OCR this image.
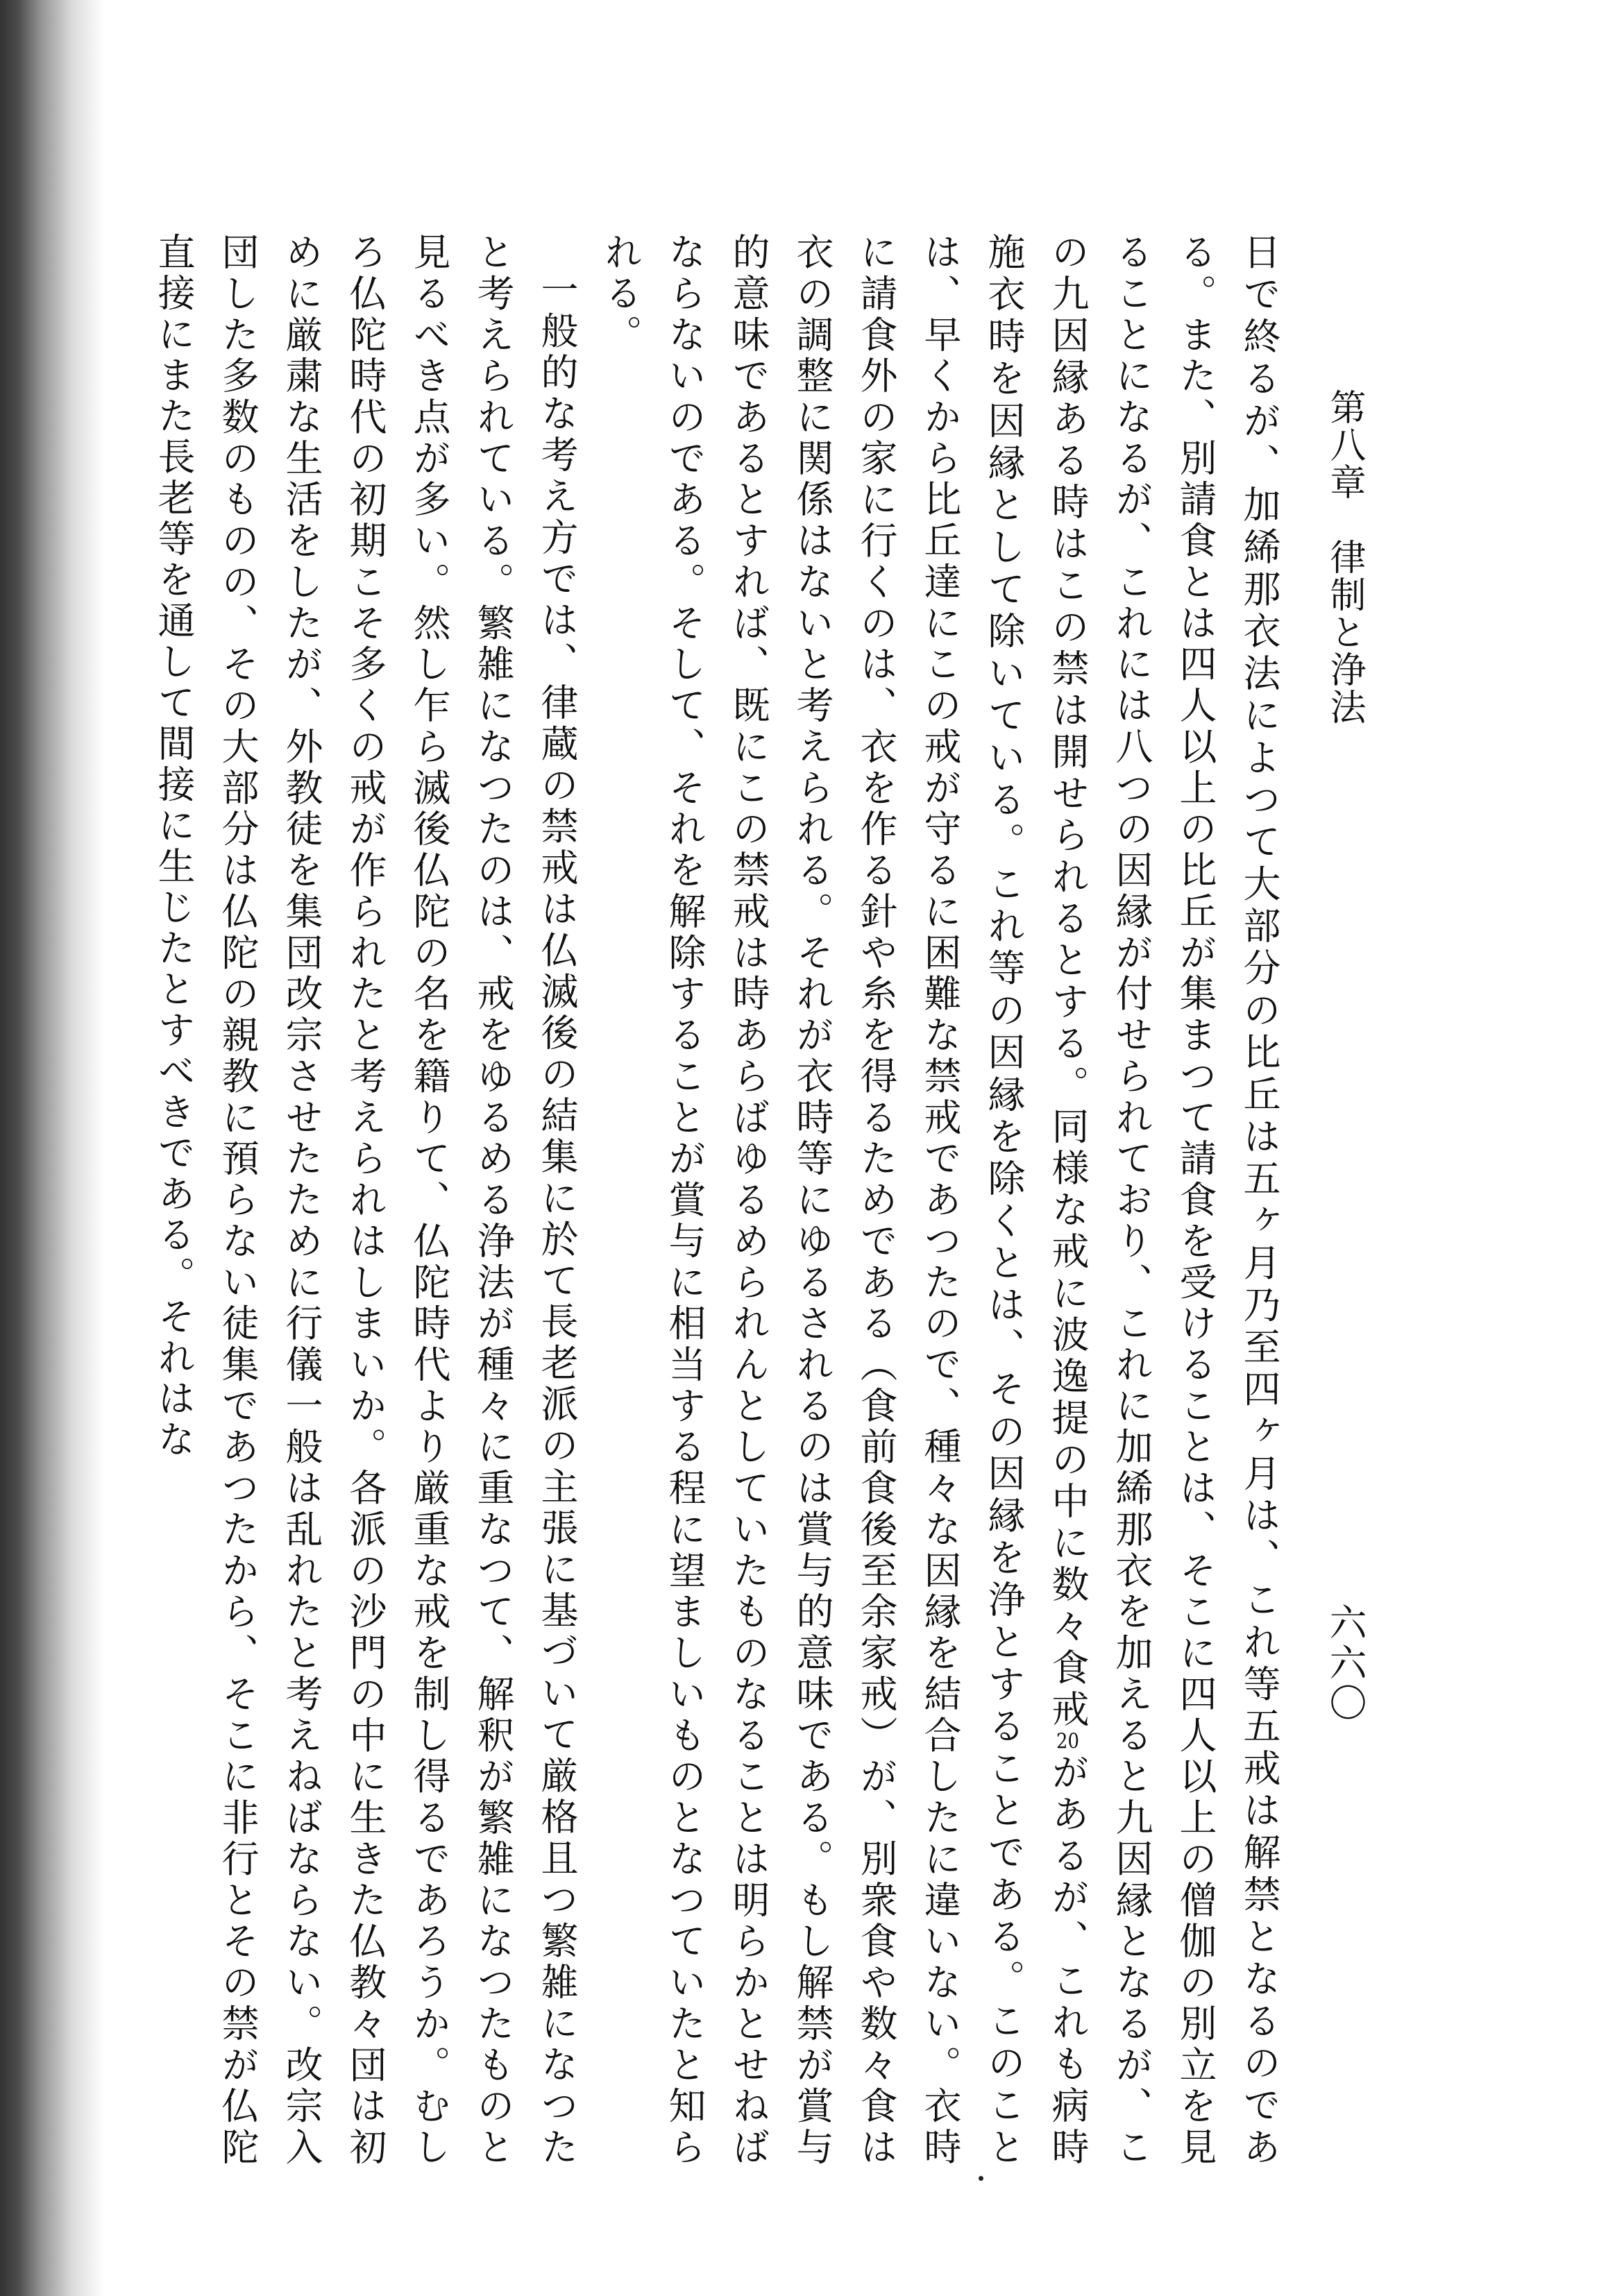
第八章　律制と浄法
六六〇

日で終るが、加絺那衣法によつて大部分の比丘は五ヶ月乃至四ヶ月は、これ等五戒は解禁となるのである。また、別請食とは四人以上の比丘が集まつて請食を受けることは、そこに四人以上の僧伽の別立を見ることになるが、これには八つの因縁が付せられており、これに加絺那衣を加えると九因縁となるが、この九因縁ある時はこの禁は開せられるとする。同様な戒に波逸提の中に数々食戒20があるが、これも病時施衣時を因縁として除いている。これ等の因縁を除くとは、その因縁を浄とすることである。このことは、早くから比丘達にこの戒が守るに困難な禁戒であつたので、種々な因縁を結合したに違いない。衣時に請食外の家に行くのは、衣を作る針や糸を得るためである（食前食後至余家戒）が、別衆食や数々食は衣の調整に関係はないと考えられる。それが衣時等にゆるされるのは賞与的意味である。もし解禁が賞与的意味であるとすれば、既にこの禁戒は時あらばゆるめられんとしていたものなることは明らかとせねばならないのである。そして、それを解除することが賞与に相当する程に望ましいものとなつていたと知られる。

一般的な考え方では、律蔵の禁戒は仏滅後の結集に於て長老派の主張に基づいて厳格且つ繁雑になつたと考えられている。繁雑になつたのは、戒をゆるめる浄法が種々に重なつて、解釈が繁雑になつたものと見るべき点が多い。然し乍ら滅後仏陀の名を籍りて、仏陀時代より厳重な戒を制し得るであろうか。むしろ仏陀時代の初期こそ多くの戒が作られたと考えられはしまいか。各派の沙門の中に生きた仏教々団は初めに厳粛な生活をしたが、外教徒を集団改宗させたために行儀一般は乱れたと考えねばならない。改宗入団した多数のものの、その大部分は仏陀の親教に預らない徒集であつたから、そこに非行とその禁が仏陀直接にまた長老等を通して間接に生じたとすべきである。それはな
